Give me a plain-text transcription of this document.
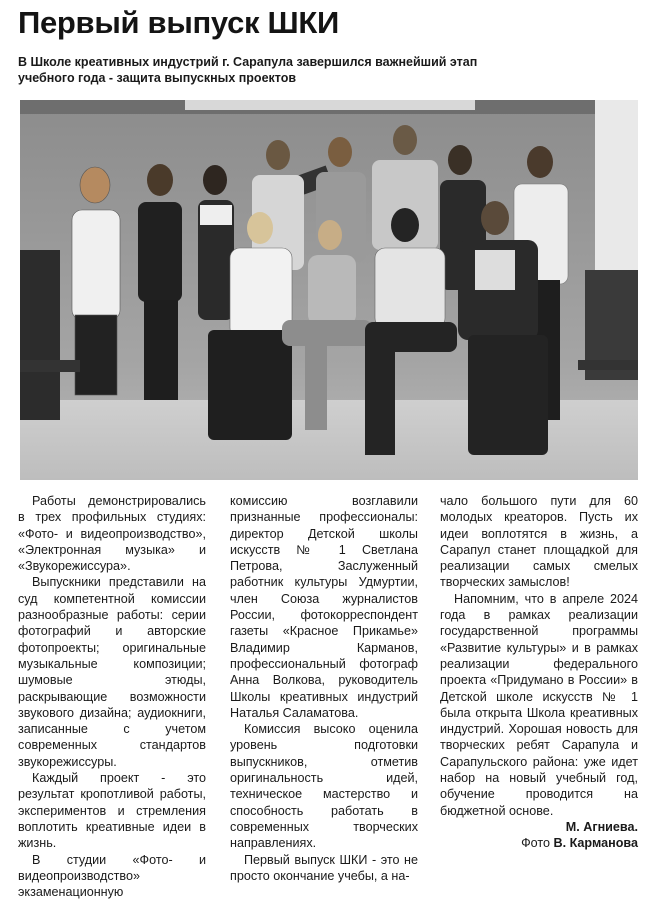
Первый выпуск ШКИ
В Школе креативных индустрий г. Сарапула завершился важнейший этап учебного года - защита выпускных проектов

Работы демонстрировались в трех профильных студиях: «Фото- и видеопроизводство», «Электронная музыка» и «Звукорежиссура».

Выпускники представили на суд компетентной комиссии разнообразные работы: серии фотографий и авторские фотопроекты; оригинальные музыкальные композиции; шумовые этюды, раскрывающие возможности звукового дизайна; аудиокниги, записанные с учетом современных стандартов звукорежиссуры.

Каждый проект - это результат кропотливой работы, экспериментов и стремления воплотить креативные идеи в жизнь.

В студии «Фото- и видеопроизводство» экзаменационную

комиссию возглавили признанные профессионалы: директор Детской школы искусств № 1 Светлана Петрова, Заслуженный работник культуры Удмуртии, член Союза журналистов России, фотокорреспондент газеты «Красное Прикамье» Владимир Карманов, профессиональный фотограф Анна Волкова, руководитель Школы креативных индустрий Наталья Саламатова.

Комиссия высоко оценила уровень подготовки выпускников, отметив оригинальность идей, техническое мастерство и способность работать в современных творческих направлениях.

Первый выпуск ШКИ - это не просто окончание учебы, а на-

чало большого пути для 60 молодых креаторов. Пусть их идеи воплотятся в жизнь, а Сарапул станет площадкой для реализации самых смелых творческих замыслов!

Напомним, что в апреле 2024 года в рамках реализации государственной программы «Развитие культуры» и в рамках реализации федерального проекта «Придумано в России» в Детской школе искусств № 1 была открыта Школа креативных индустрий. Хорошая новость для творческих ребят Сарапула и Сарапульского района: уже идет набор на новый учебный год, обучение проводится на бюджетной основе.

М. Агниева.

Фото В. Карманова
